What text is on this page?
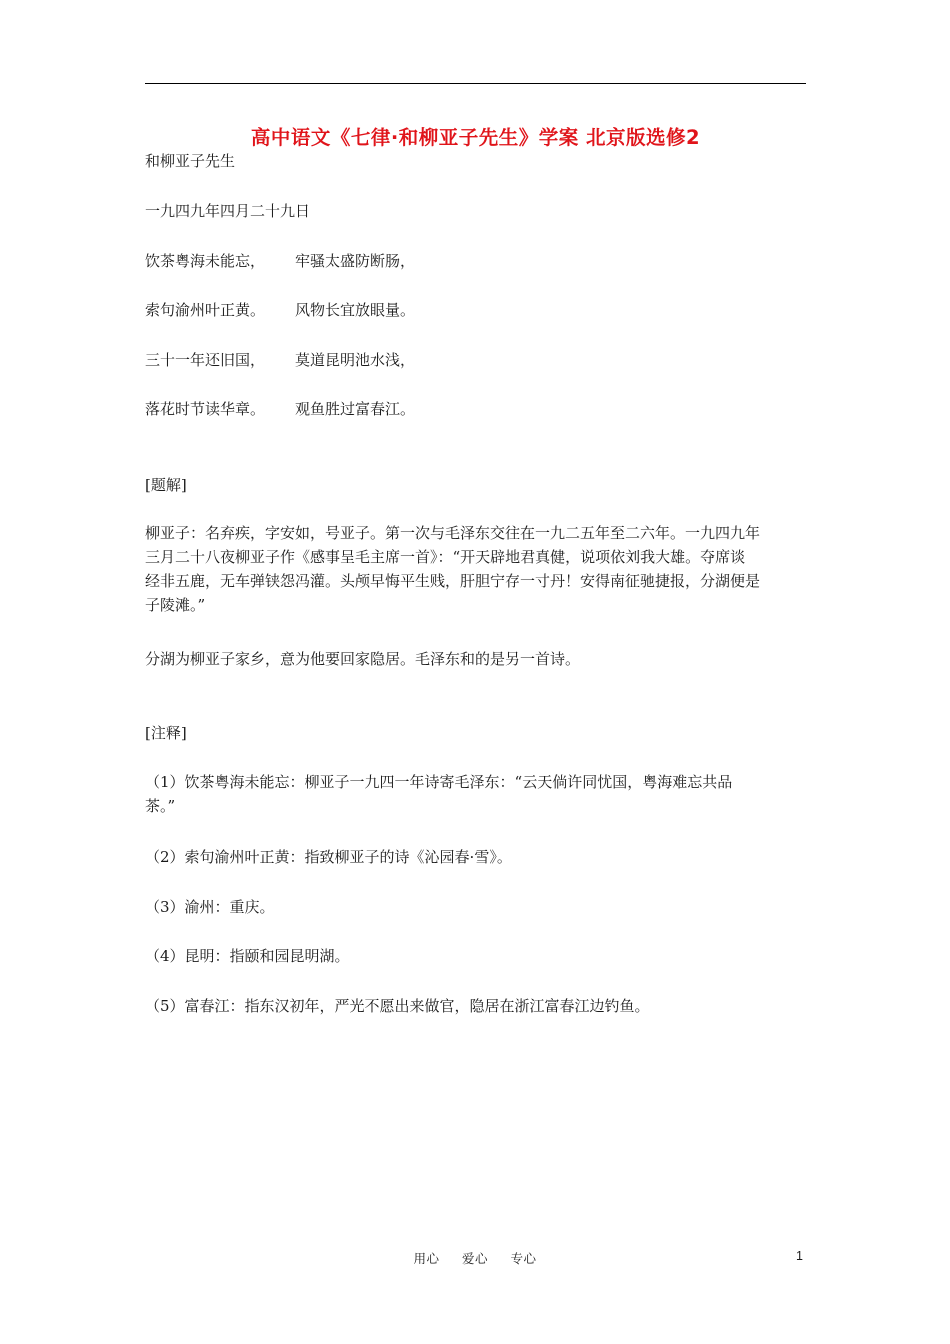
高中语文《七律·和柳亚子先生》学案 北京版选修2
和柳亚子先生
一九四九年四月二十九日
饮茶粤海未能忘， 牢骚太盛防断肠，
索句渝州叶正黄。 风物长宜放眼量。
三十一年还旧国， 莫道昆明池水浅，
落花时节读华章。 观鱼胜过富春江。
[题解]
柳亚子：名弃疾，字安如，号亚子。第一次与毛泽东交往在一九二五年至二六年。一九四九年
三月二十八夜柳亚子作《感事呈毛主席一首》：“开天辟地君真健，说项依刘我大雄。夺席谈
经非五鹿，无车弹铗怨冯灌。头颅早悔平生贱，肝胆宁存一寸丹！安得南征驰捷报，分湖便是
子陵滩。”
分湖为柳亚子家乡，意为他要回家隐居。毛泽东和的是另一首诗。
[注释]
（1）饮茶粤海未能忘：柳亚子一九四一年诗寄毛泽东：“云天倘许同忧国，粤海难忘共品
茶。”
（2）索句渝州叶正黄：指致柳亚子的诗《沁园春·雪》。
（3）渝州：重庆。
（4）昆明：指颐和园昆明湖。
（5）富春江：指东汉初年，严光不愿出来做官，隐居在浙江富春江边钓鱼。
用心 爱心 专心	1
